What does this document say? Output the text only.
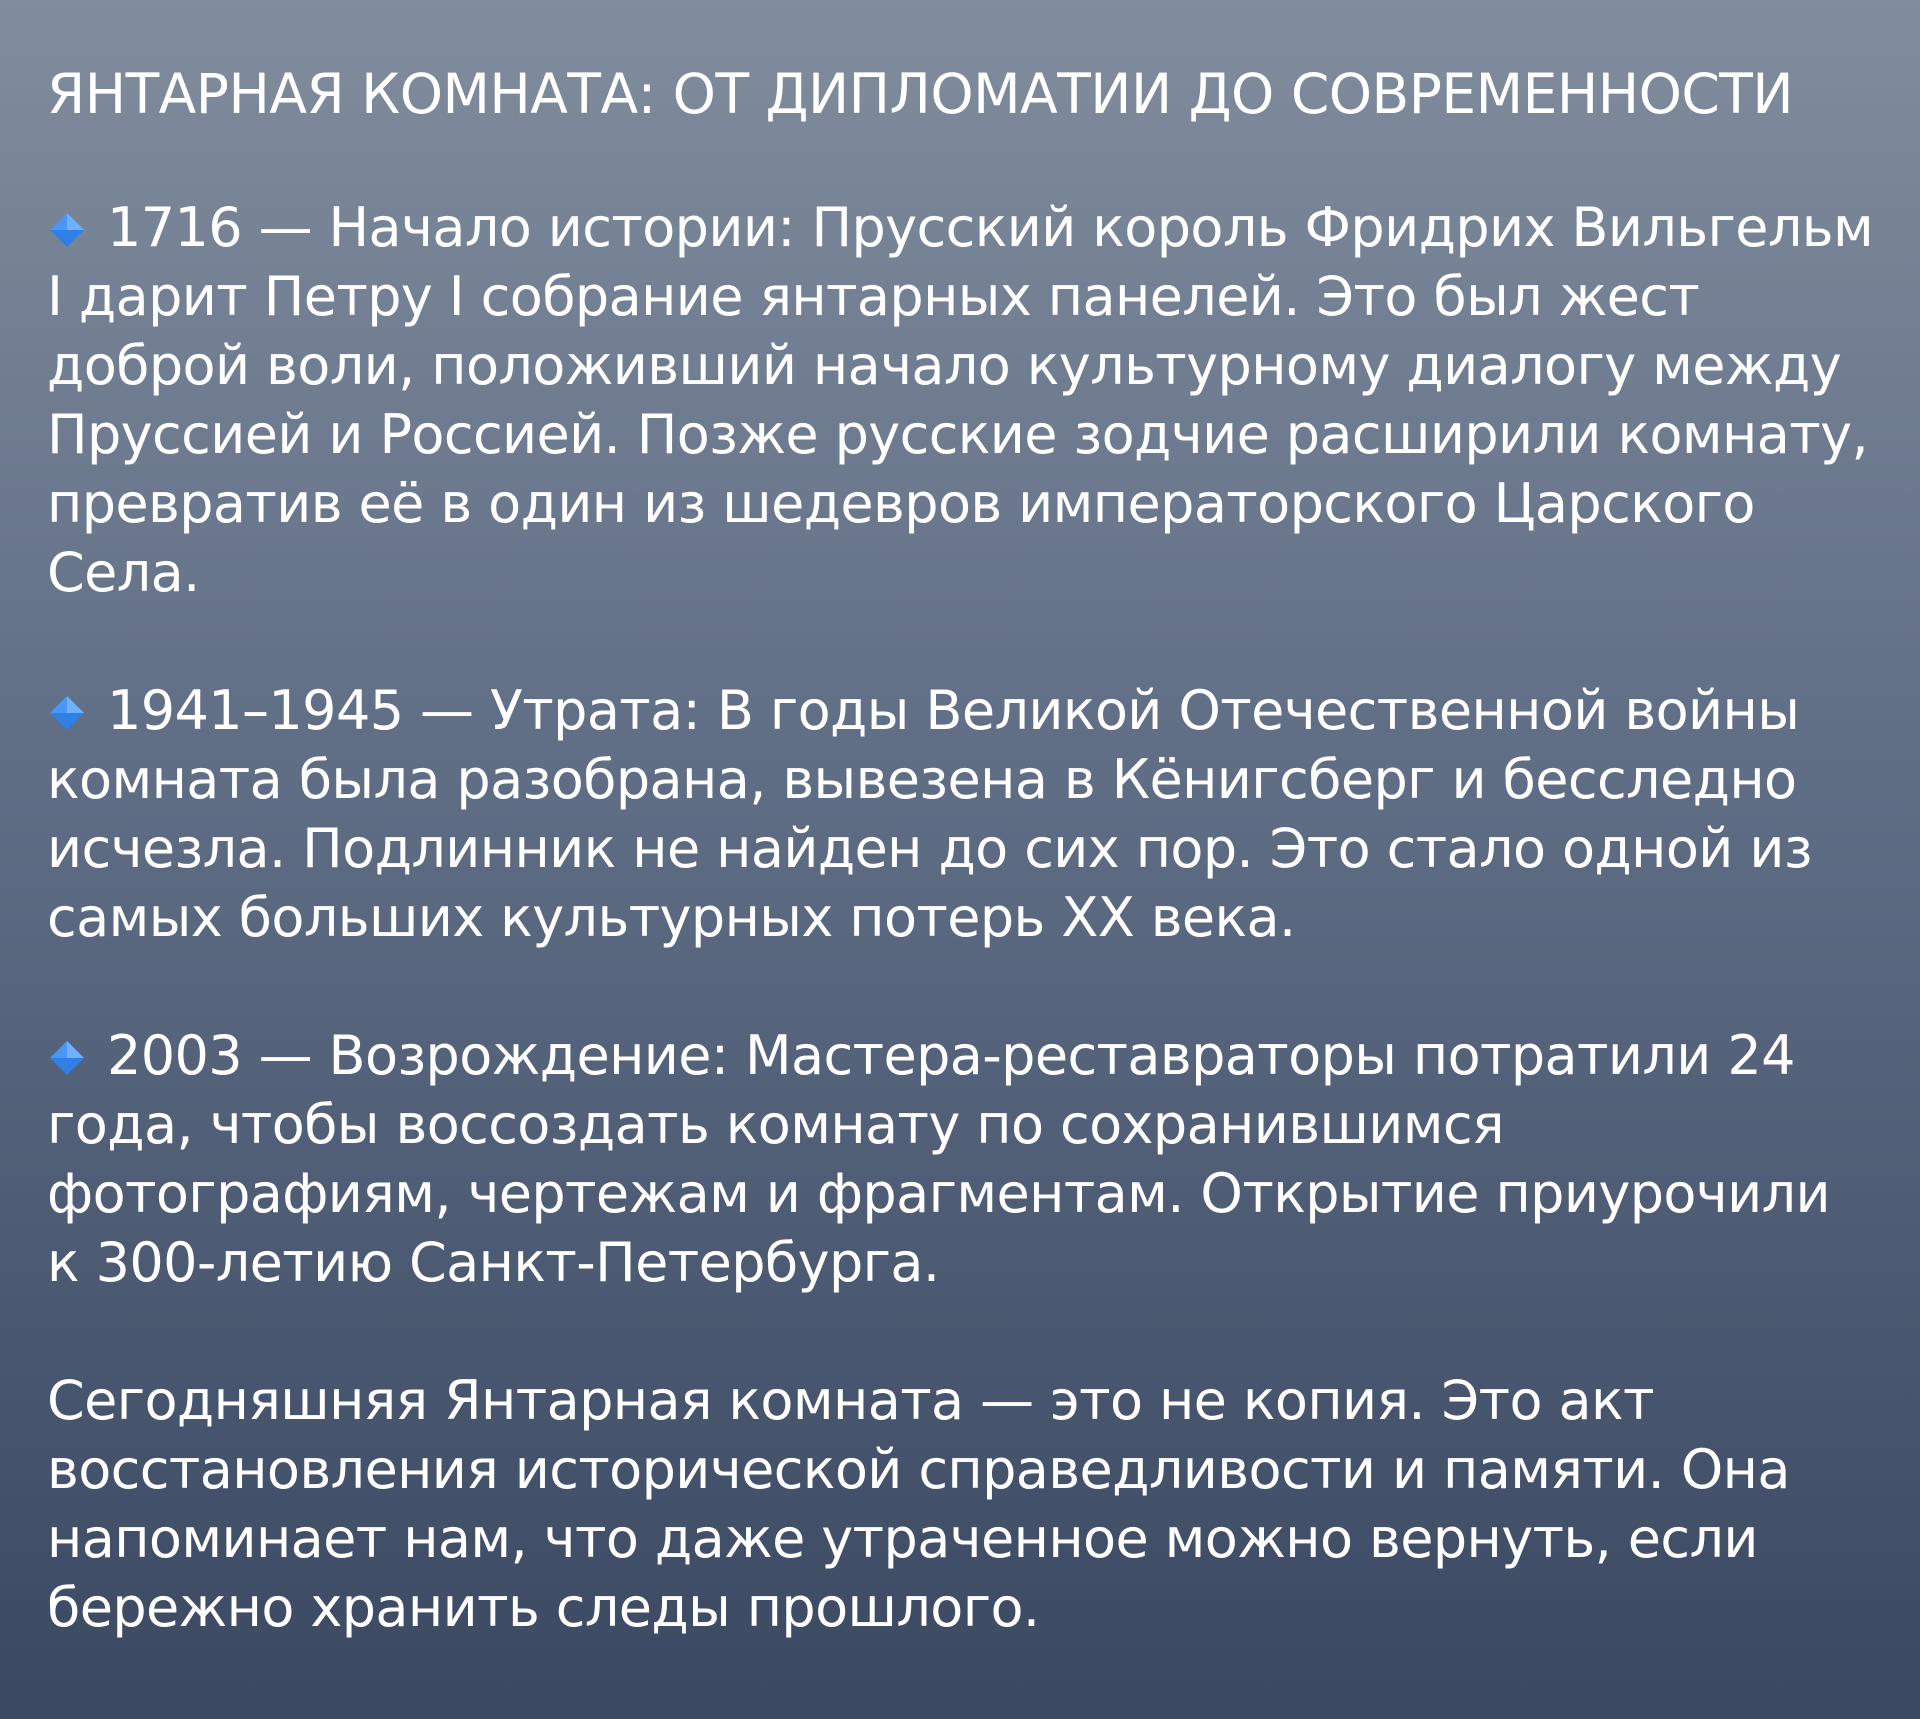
ЯНТАРНАЯ КОМНАТА: ОТ ДИПЛОМАТИИ ДО СОВРЕМЕННОСТИ

1716 — Начало истории: Прусский король Фридрих Вильгельм I дарит Петру I собрание янтарных панелей. Это был жест доброй воли, положивший начало культурному диалогу между Пруссией и Россией. Позже русские зодчие расширили комнату, превратив её в один из шедевров императорского Царского Села.

1941–1945 — Утрата: В годы Великой Отечественной войны комната была разобрана, вывезена в Кёнигсберг и бесследно исчезла. Подлинник не найден до сих пор. Это стало одной из самых больших культурных потерь XX века.

2003 — Возрождение: Мастера-реставраторы потратили 24 года, чтобы воссоздать комнату по сохранившимся фотографиям, чертежам и фрагментам. Открытие приурочили к 300-летию Санкт-Петербурга.

Сегодняшняя Янтарная комната — это не копия. Это акт восстановления исторической справедливости и памяти. Она напоминает нам, что даже утраченное можно вернуть, если бережно хранить следы прошлого.
